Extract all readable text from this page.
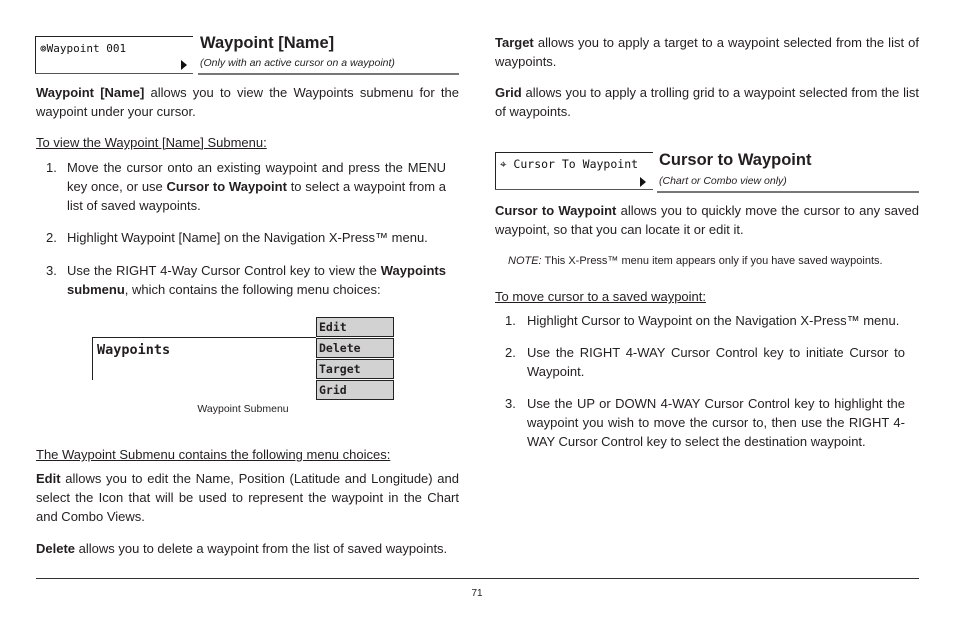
⊚Waypoint 001	Waypoint [Name]
(Only with an active cursor on a waypoint)
Waypoint [Name] allows you to view the Waypoints submenu for the waypoint under your cursor.
To view the Waypoint [Name] Submenu:
1. Move the cursor onto an existing waypoint and press the MENU key once, or use Cursor to Waypoint to select a waypoint from a list of saved waypoints.
2. Highlight Waypoint [Name] on the Navigation X-Press™ menu.
3. Use the RIGHT 4-Way Cursor Control key to view the Waypoints submenu, which contains the following menu choices:
Waypoints
Edit
Delete
Target
Grid
Waypoint Submenu
The Waypoint Submenu contains the following menu choices:
Edit allows you to edit the Name, Position (Latitude and Longitude) and select the Icon that will be used to represent the waypoint in the Chart and Combo Views.
Delete allows you to delete a waypoint from the list of saved waypoints.
Target allows you to apply a target to a waypoint selected from the list of waypoints.
Grid allows you to apply a trolling grid to a waypoint selected from the list of waypoints.
⌖ Cursor To Waypoint Cursor to Waypoint
(Chart or Combo view only)
Cursor to Waypoint allows you to quickly move the cursor to any saved waypoint, so that you can locate it or edit it.
NOTE: This X-Press™ menu item appears only if you have saved waypoints.
To move cursor to a saved waypoint:
1. Highlight Cursor to Waypoint on the Navigation X-Press™ menu.
2. Use the RIGHT 4-WAY Cursor Control key to initiate Cursor to Waypoint.
3. Use the UP or DOWN 4-WAY Cursor Control key to highlight the waypoint you wish to move the cursor to, then use the RIGHT 4-WAY Cursor Control key to select the destination waypoint.
71
